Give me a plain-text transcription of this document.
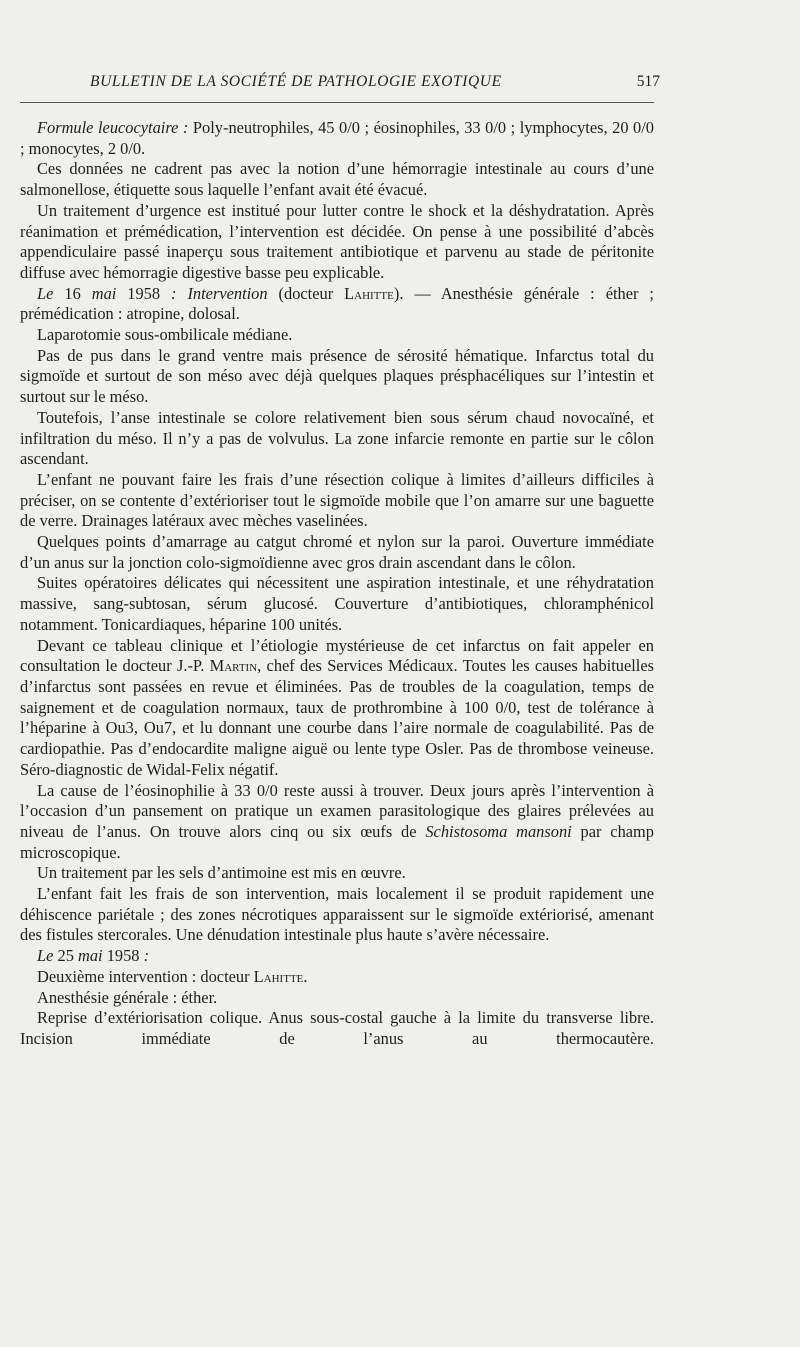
BULLETIN DE LA SOCIÉTÉ DE PATHOLOGIE EXOTIQUE	517

Formule leucocytaire : Poly-neutrophiles, 45 0/0 ; éosinophiles, 33 0/0 ; lymphocytes, 20 0/0 ; monocytes, 2 0/0.

Ces données ne cadrent pas avec la notion d’une hémorragie intestinale au cours d’une salmonellose, étiquette sous laquelle l’enfant avait été évacué.

Un traitement d’urgence est institué pour lutter contre le shock et la déshydratation. Après réanimation et prémédication, l’intervention est décidée. On pense à une possibilité d’abcès appendiculaire passé inaperçu sous traitement antibiotique et parvenu au stade de péritonite diffuse avec hémorragie digestive basse peu explicable.

Le 16 mai 1958 : Intervention (docteur Lahitte). — Anesthésie générale : éther ; prémédication : atropine, dolosal.

Laparotomie sous-ombilicale médiane.

Pas de pus dans le grand ventre mais présence de sérosité hématique. Infarctus total du sigmoïde et surtout de son méso avec déjà quelques plaques présphacéliques sur l’intestin et surtout sur le méso.

Toutefois, l’anse intestinale se colore relativement bien sous sérum chaud novocaïné, et infiltration du méso. Il n’y a pas de volvulus. La zone infarcie remonte en partie sur le côlon ascendant.

L’enfant ne pouvant faire les frais d’une résection colique à limites d’ailleurs difficiles à préciser, on se contente d’extérioriser tout le sigmoïde mobile que l’on amarre sur une baguette de verre. Drainages latéraux avec mèches vaselinées.

Quelques points d’amarrage au catgut chromé et nylon sur la paroi. Ouverture immédiate d’un anus sur la jonction colo-sigmoïdienne avec gros drain ascendant dans le côlon.

Suites opératoires délicates qui nécessitent une aspiration intestinale, et une réhydratation massive, sang-subtosan, sérum glucosé. Couverture d’antibiotiques, chloramphénicol notamment. Tonicardiaques, héparine 100 unités.

Devant ce tableau clinique et l’étiologie mystérieuse de cet infarctus on fait appeler en consultation le docteur J.-P. Martin, chef des Services Médicaux. Toutes les causes habituelles d’infarctus sont passées en revue et éliminées. Pas de troubles de la coagulation, temps de saignement et de coagulation normaux, taux de prothrombine à 100 0/0, test de tolérance à l’héparine à Ou3, Ou7, et lu donnant une courbe dans l’aire normale de coagulabilité. Pas de cardiopathie. Pas d’endocardite maligne aiguë ou lente type Osler. Pas de thrombose veineuse. Séro-diagnostic de Widal-Felix négatif.

La cause de l’éosinophilie à 33 0/0 reste aussi à trouver. Deux jours après l’intervention à l’occasion d’un pansement on pratique un examen parasitologique des glaires prélevées au niveau de l’anus. On trouve alors cinq ou six œufs de Schistosoma mansoni par champ microscopique.

Un traitement par les sels d’antimoine est mis en œuvre.

L’enfant fait les frais de son intervention, mais localement il se produit rapidement une déhiscence pariétale ; des zones nécrotiques apparaissent sur le sigmoïde extériorisé, amenant des fistules stercorales. Une dénudation intestinale plus haute s’avère nécessaire.

Le 25 mai 1958 :

Deuxième intervention : docteur Lahitte.

Anesthésie générale : éther.

Reprise d’extériorisation colique. Anus sous-costal gauche à la limite du transverse libre. Incision immédiate de l’anus au thermocautère.
